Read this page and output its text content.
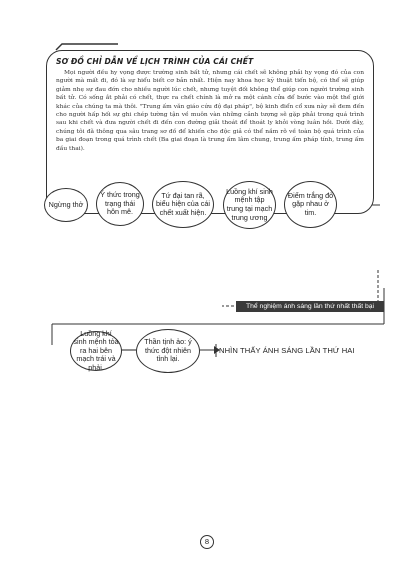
SƠ ĐỒ CHỈ DẪN VỀ LỊCH TRÌNH CỦA CÁI CHẾT

Mọi người đều hy vọng được trường sinh bất tử, nhưng cái chết sẽ không phải hy vọng đó của con người mà mất đi, đó là sự hiểu biết cơ bản nhất. Hiện nay khoa học kỹ thuật tiến bộ, có thể sẽ giúp giảm nhẹ sự đau đớn cho nhiều người lúc chết, nhưng tuyệt đối không thể giúp con người trường sinh bất tử. Có sống ắt phải có chết, thực ra chết chính là mở ra một cánh cửa để bước vào một thế giới khác của chúng ta mà thôi. "Trung ấm văn giáo cứu độ đại pháp", bộ kinh điển cổ xưa này sẽ đem đến cho người hấp hối sự ghi chép tường tận về muôn vàn những cảnh tượng sẽ gặp phải trong quá trình sau khi chết và đưa người chết đi đến con đường giải thoát để thoát ly khỏi vòng luân hồi. Dưới đây, chúng tôi đã thông qua sâu trang sơ đồ để khiến cho độc giả có thể nắm rõ về toàn bộ quá trình của ba giai đoạn trong quá trình chết (Ba giai đoạn là trung ấm lâm chung, trung ấm pháp tính, trung ấm đầu thai).

Ngừng thở
Ý thức trong trạng thái hôn mê.
Tứ đại tan rã, biểu hiện của cái chết xuất hiện.
Luồng khí sinh mệnh tập trung tại mạch trung ương
Điểm trắng đỏ gặp nhau ở tim.
Thể nghiệm ánh sáng lần thứ nhất thất bại
Luồng khí sinh mệnh tỏa ra hai bên mạch trái và phải.
Thần tịnh ảo: ý thức đột nhiên tỉnh lại.
NHÌN THẤY ÁNH SÁNG LẦN THỨ HAI
8
